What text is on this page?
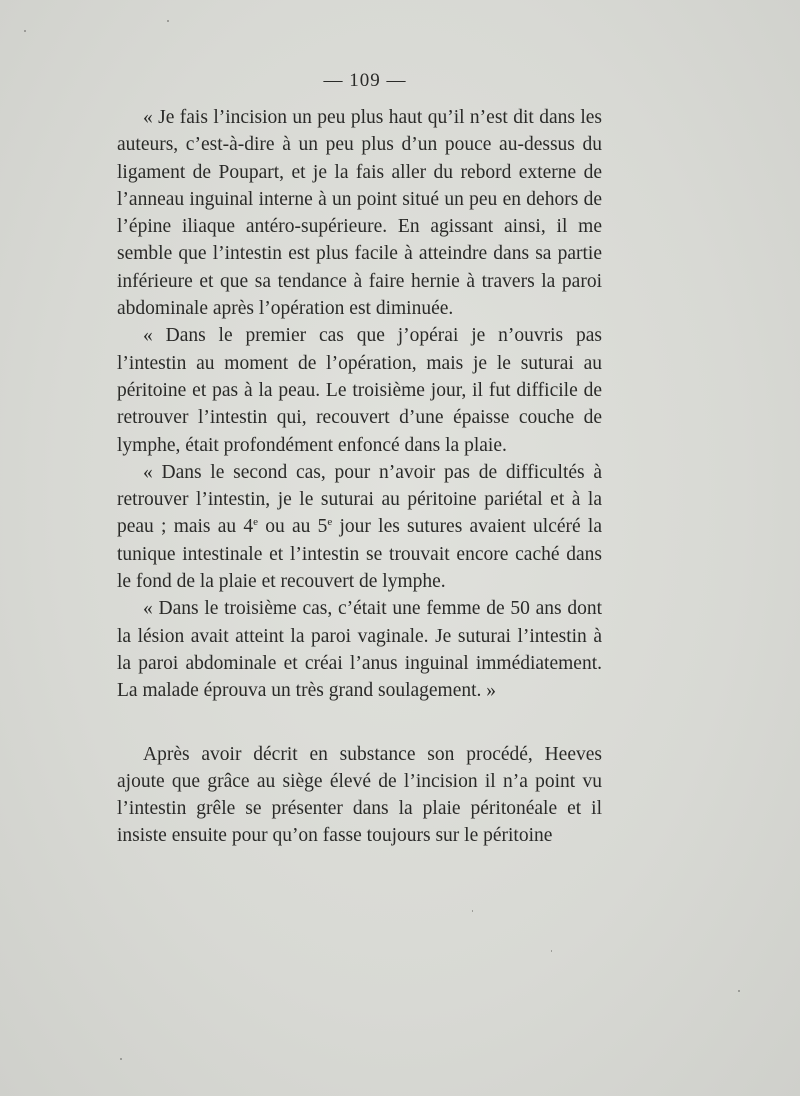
— 109 —

« Je fais l’incision un peu plus haut qu’il n’est dit dans les auteurs, c’est-à-dire à un peu plus d’un pouce au-dessus du ligament de Poupart, et je la fais aller du rebord externe de l’anneau inguinal interne à un point situé un peu en dehors de l’épine iliaque antéro-supérieure. En agissant ainsi, il me semble que l’intestin est plus facile à atteindre dans sa partie inférieure et que sa tendance à faire hernie à travers la paroi abdominale après l’opération est diminuée.

« Dans le premier cas que j’opérai je n’ouvris pas l’intestin au moment de l’opération, mais je le suturai au péritoine et pas à la peau. Le troisième jour, il fut difficile de retrouver l’intestin qui, recouvert d’une épaisse couche de lymphe, était profondément enfoncé dans la plaie.

« Dans le second cas, pour n’avoir pas de difficultés à retrouver l’intestin, je le suturai au péritoine pariétal et à la peau ; mais au 4e ou au 5e jour les sutures avaient ulcéré la tunique intestinale et l’intestin se trouvait encore caché dans le fond de la plaie et recouvert de lymphe.

« Dans le troisième cas, c’était une femme de 50 ans dont la lésion avait atteint la paroi vaginale. Je suturai l’intestin à la paroi abdominale et créai l’anus inguinal immédiatement. La malade éprouva un très grand soulagement. »

Après avoir décrit en substance son procédé, Heeves ajoute que grâce au siège élevé de l’incision il n’a point vu l’intestin grêle se présenter dans la plaie péritonéale et il insiste ensuite pour qu’on fasse toujours sur le péritoine
